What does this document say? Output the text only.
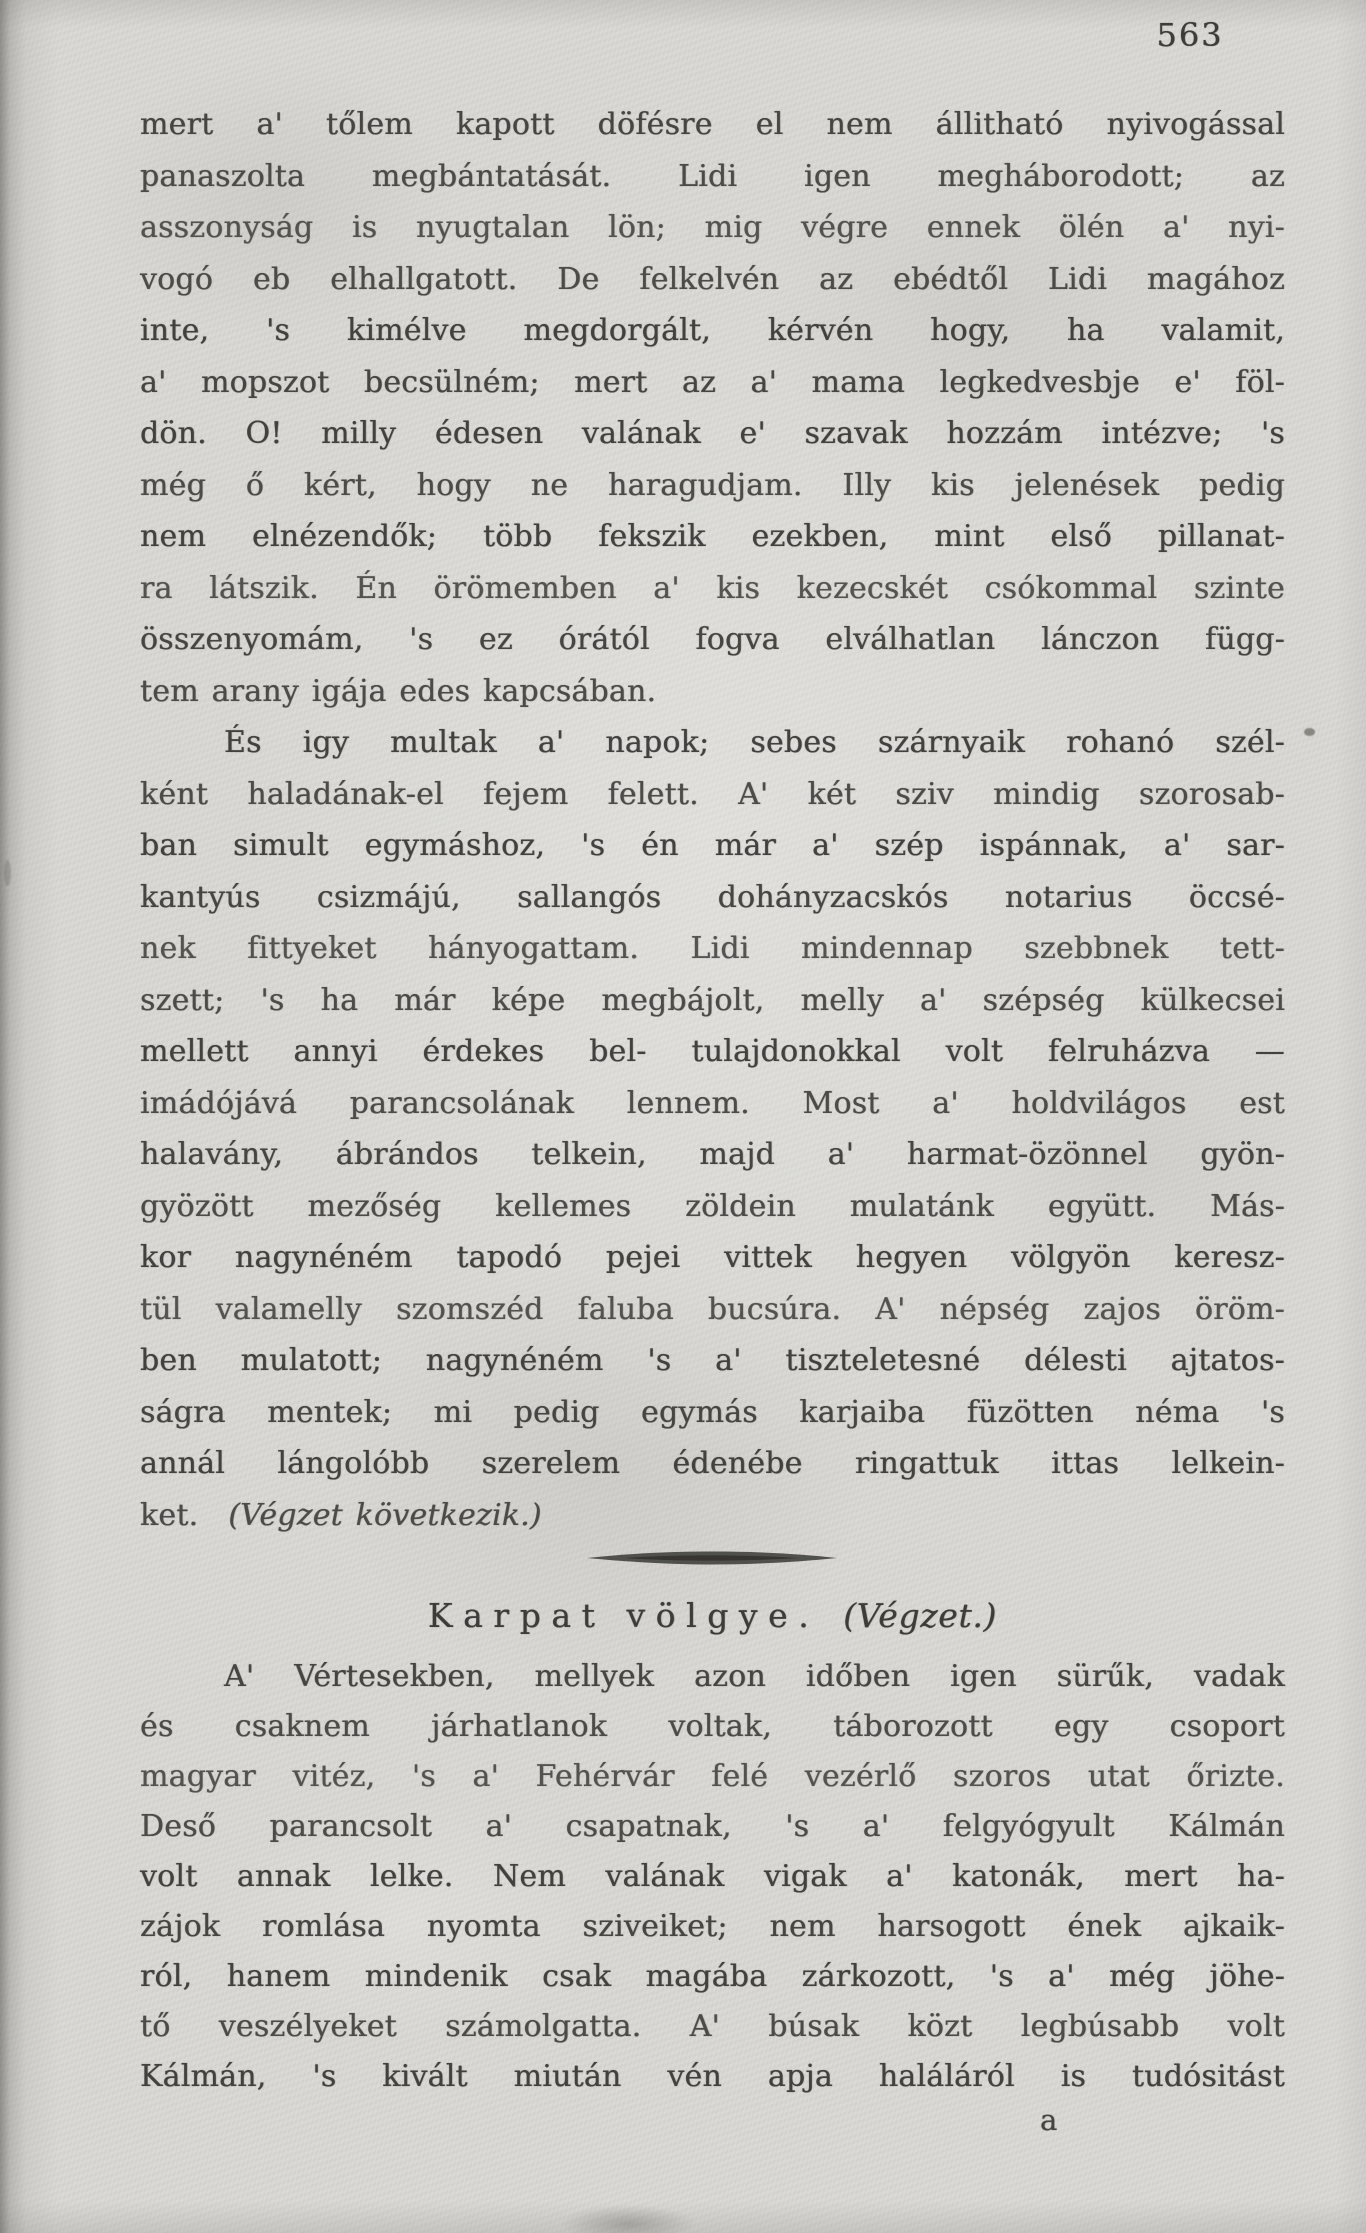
563
mert a' tőlem kapott döfésre el nem állitható nyivogással
panaszolta megbántatását. Lidi igen megháborodott; az
asszonyság is nyugtalan lön; mig végre ennek ölén a' nyi-
vogó eb elhallgatott. De felkelvén az ebédtől Lidi magához
inte, 's kimélve megdorgált, kérvén hogy, ha valamit,
a' mopszot becsülném; mert az a' mama legkedvesbje e' föl-
dön. O! milly édesen valának e' szavak hozzám intézve; 's
még ő kért, hogy ne haragudjam. Illy kis jelenések pedig
nem elnézendők; több fekszik ezekben, mint első pillanat-
ra látszik. Én örömemben a' kis kezecskét csókommal szinte
összenyomám, 's ez órától fogva elválhatlan lánczon függ-
tem arany igája edes kapcsában.
És igy multak a' napok; sebes szárnyaik rohanó szél-
ként haladának-el fejem felett. A' két sziv mindig szorosab-
ban simult egymáshoz, 's én már a' szép ispánnak, a' sar-
kantyús csizmájú, sallangós dohányzacskós notarius öccsé-
nek fittyeket hányogattam. Lidi mindennap szebbnek tett-
szett; 's ha már képe megbájolt, melly a' szépség külkecsei
mellett annyi érdekes bel- tulajdonokkal volt felruházva —
imádójává parancsolának lennem. Most a' holdvilágos est
halavány, ábrándos telkein, majd a' harmat-özönnel gyön-
gyözött mezőség kellemes zöldein mulatánk együtt. Más-
kor nagynéném tapodó pejei vittek hegyen völgyön keresz-
tül valamelly szomszéd faluba bucsúra. A' népség zajos öröm-
ben mulatott; nagynéném 's a' tiszteletesné délesti ajtatos-
ságra mentek; mi pedig egymás karjaiba füzötten néma 's
annál lángolóbb szerelem édenébe ringattuk ittas lelkein-
ket. (Végzet következik.)
Karpat völgye. (Végzet.)
A' Vértesekben, mellyek azon időben igen sürűk, vadak
és csaknem járhatlanok voltak, táborozott egy csoport
magyar vitéz, 's a' Fehérvár felé vezérlő szoros utat őrizte.
Deső parancsolt a' csapatnak, 's a' felgyógyult Kálmán
volt annak lelke. Nem valának vigak a' katonák, mert ha-
zájok romlása nyomta sziveiket; nem harsogott ének ajkaik-
ról, hanem mindenik csak magába zárkozott, 's a' még jöhe-
tő veszélyeket számolgatta. A' búsak közt legbúsabb volt
Kálmán, 's kivált miután vén apja haláláról is tudósitást
a
